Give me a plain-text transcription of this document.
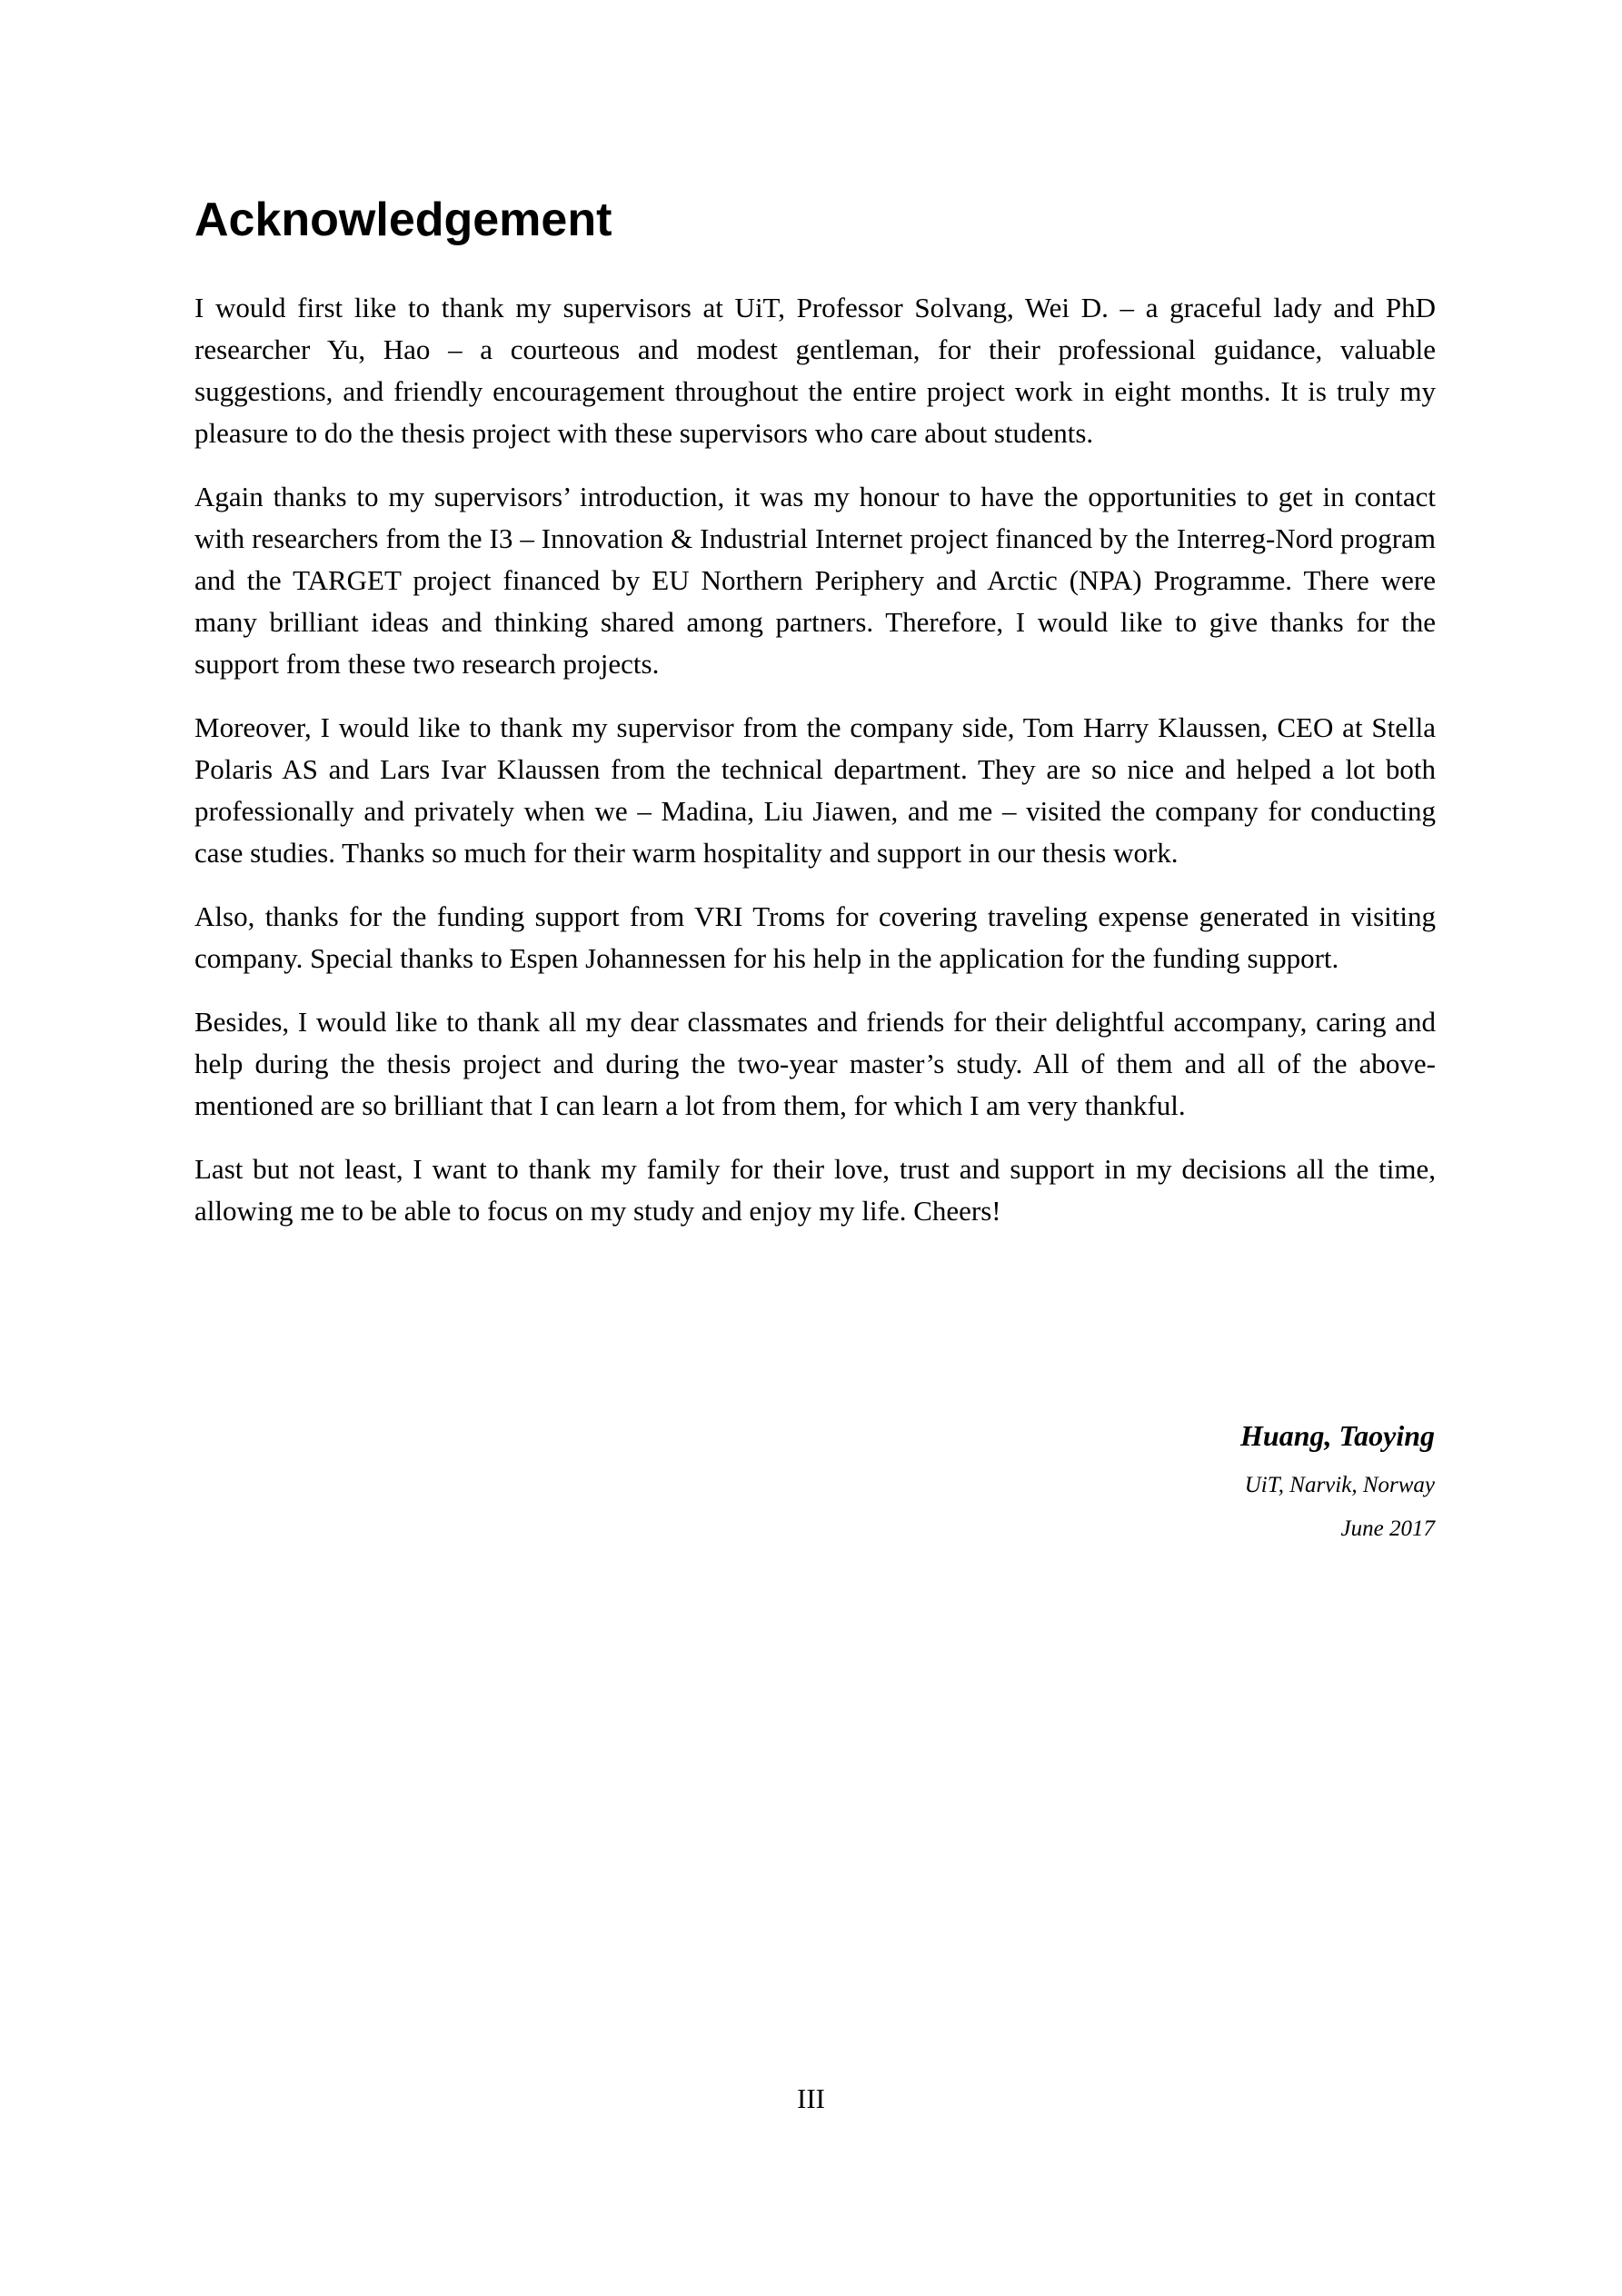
Acknowledgement

I would first like to thank my supervisors at UiT, Professor Solvang, Wei D. – a graceful lady and PhD researcher Yu, Hao – a courteous and modest gentleman, for their professional guidance, valuable suggestions, and friendly encouragement throughout the entire project work in eight months. It is truly my pleasure to do the thesis project with these supervisors who care about students.

Again thanks to my supervisors’ introduction, it was my honour to have the opportunities to get in contact with researchers from the I3 – Innovation & Industrial Internet project financed by the Interreg-Nord program and the TARGET project financed by EU Northern Periphery and Arctic (NPA) Programme. There were many brilliant ideas and thinking shared among partners. Therefore, I would like to give thanks for the support from these two research projects.

Moreover, I would like to thank my supervisor from the company side, Tom Harry Klaussen, CEO at Stella Polaris AS and Lars Ivar Klaussen from the technical department. They are so nice and helped a lot both professionally and privately when we – Madina, Liu Jiawen, and me – visited the company for conducting case studies. Thanks so much for their warm hospitality and support in our thesis work.

Also, thanks for the funding support from VRI Troms for covering traveling expense generated in visiting company. Special thanks to Espen Johannessen for his help in the application for the funding support.

Besides, I would like to thank all my dear classmates and friends for their delightful accompany, caring and help during the thesis project and during the two-year master’s study. All of them and all of the above-mentioned are so brilliant that I can learn a lot from them, for which I am very thankful.

Last but not least, I want to thank my family for their love, trust and support in my decisions all the time, allowing me to be able to focus on my study and enjoy my life. Cheers!

Huang, Taoying
UiT, Narvik, Norway
June 2017
III
